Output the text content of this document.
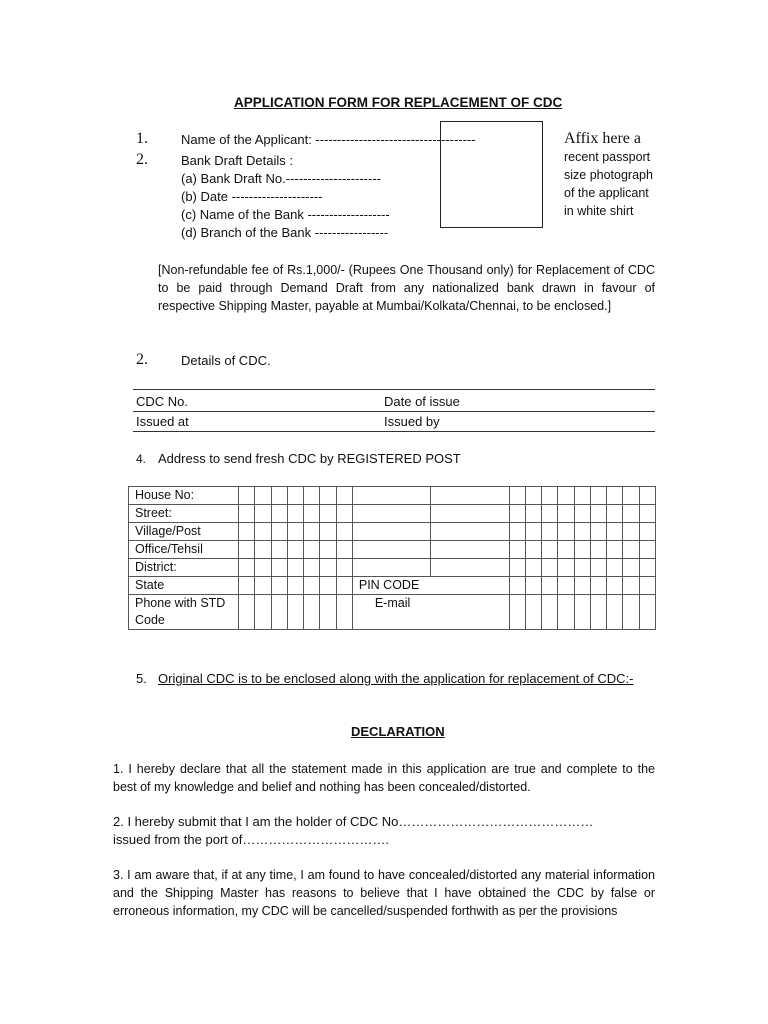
APPLICATION FORM FOR REPLACEMENT OF CDC
1.	Name of the Applicant: -------------------------------------
2.	Bank Draft Details :
(a) Bank Draft No.----------------------
(b) Date ---------------------
(c) Name of the Bank -------------------
(d) Branch of the Bank -----------------
Affix here a
recent passport
size photograph
of the applicant
in white shirt
[Non-refundable fee of Rs.1,000/- (Rupees One Thousand only) for Replacement of CDC to be paid through Demand Draft from any nationalized bank drawn in favour of respective Shipping Master, payable at Mumbai/Kolkata/Chennai, to be enclosed.]
2.	Details of CDC.
CDC No.	Date of issue
Issued at	Issued by
4. Address to send fresh CDC by REGISTERED POST
House No:																		
Street:																		
Village/Post																		
Office/Tehsil																		
District:																		
State								PIN CODE										
Phone with STD
Code								E-mail										

5. Original CDC is to be enclosed along with the application for replacement of CDC:-
DECLARATION
1. I hereby declare that all the statement made in this application are true and complete to the best of my knowledge and belief and nothing has been concealed/distorted.
2. I hereby submit that I am the holder of CDC No………………………………………
issued from the port of…………………………….
3. I am aware that, if at any time, I am found to have concealed/distorted any material information and the Shipping Master has reasons to believe that I have obtained the CDC by false or erroneous information, my CDC will be cancelled/suspended forthwith as per the provisions
